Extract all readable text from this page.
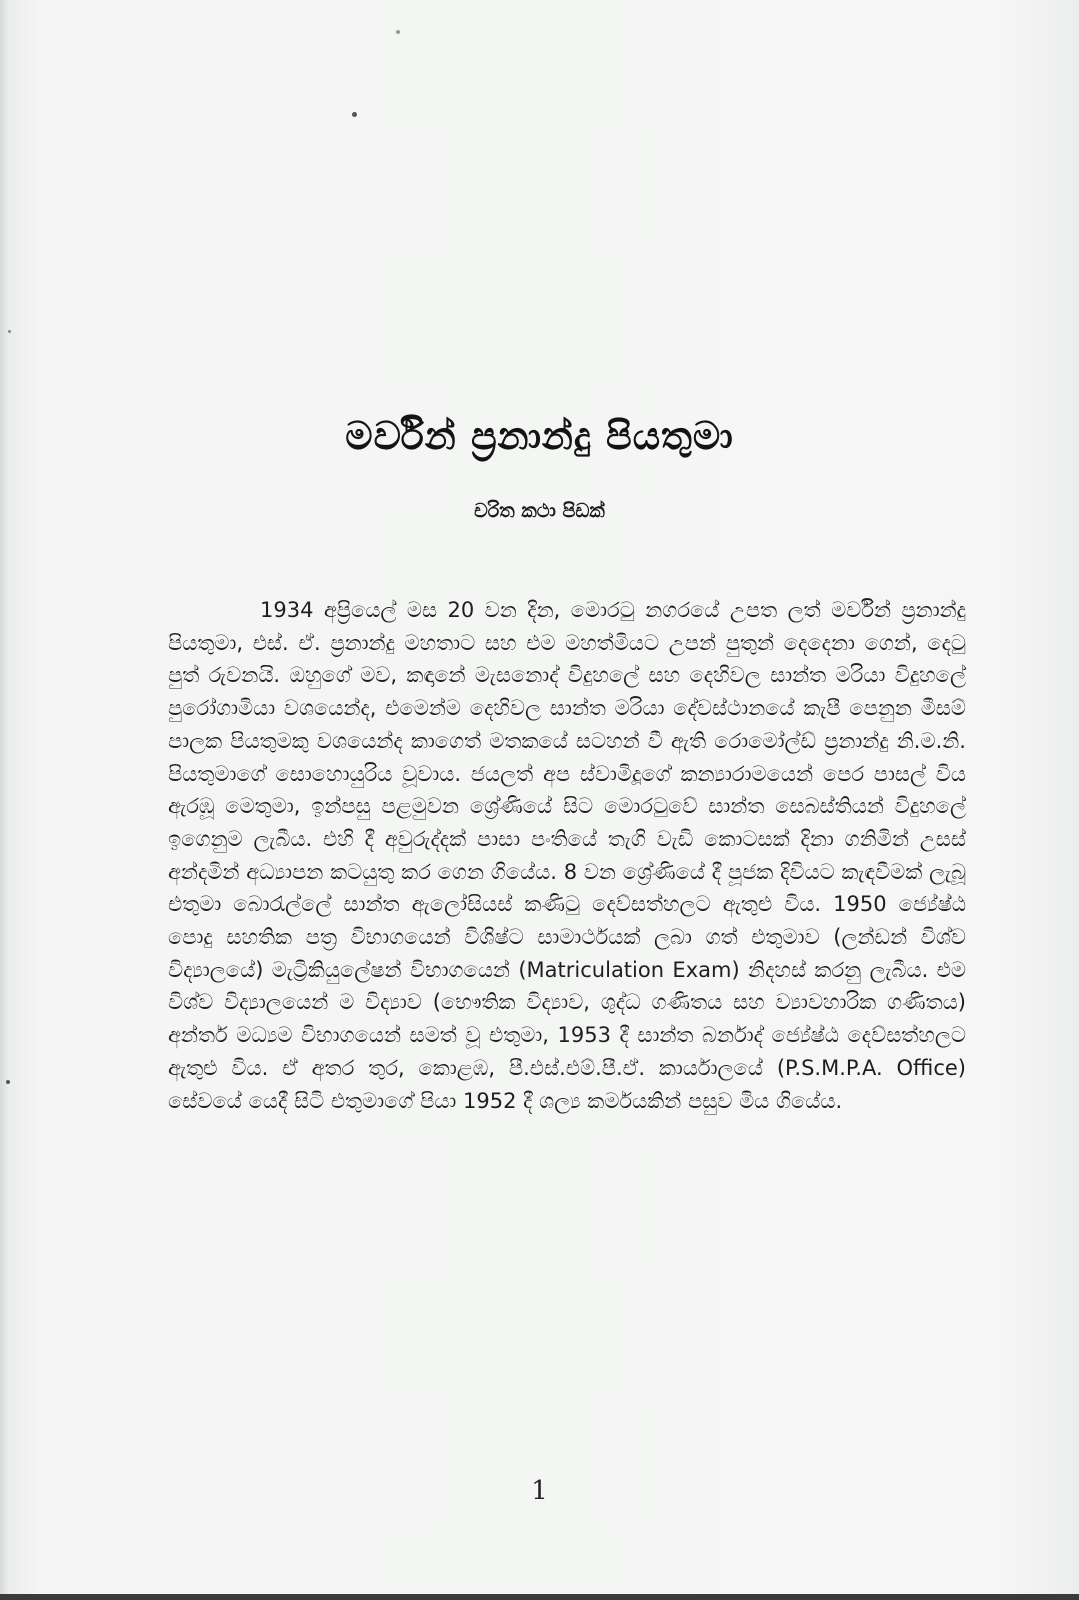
මර්වින් ප්‍රනාන්දු පියතුමා
චරිත කථා පිඩක්
1934 අප්‍රියෙල් මස 20 වන දින, මොරටු නගරයේ උපත ලත් මර්වින් ප්‍රනාන්දු පියතුමා, එස්. ඒ. ප්‍රනාන්දු මහතාට සහ එම මහත්මියට උපන් පුතුන් දෙදෙනා ගෙන්, දෙටු පුත් රුවනයි. ඔහුගේ මව, කඳානේ මැසනොද් විදුහලේ සහ දෙහිවල සාන්ත මරියා විදුහලේ පුරෝගාමියා වශයෙන්ද, එමෙන්ම දෙහිවල සාන්ත මරියා දේවස්ථානයේ කැපී පෙනුන මීසම් පාලක පියතුමකු වශයෙන්ද කාගෙත් මතකයේ සටහන් වී ඇති රොමෝල්ඩ් ප්‍රනාන්දු නි.ම.නි. පියතුමාගේ සොහොයුරිය වූවාය. ජයලත් අප ස්වාමිදූගේ කන්‍යාරාමයෙන් පෙර පාසල් විය ඇරඹූ මෙතුමා, ඉන්පසු පළමුවන ශ්‍රේණියේ සිට මොරටුවේ සාන්ත සෙබස්තියන් විදුහලේ ඉගෙනුම ලැබීය. එහි දී අවුරුද්දක් පාසා පංතියේ තැගි වැඩි කොටසක් දිනා ගනිමින් උසස් අන්දමින් අධ්‍යාපන කටයුතු කර ගෙන ගියේය. 8 වන ශ්‍රේණියේ දී පූජක දිවියට කැඳවීමක් ලැබූ එතුමා බොරැල්ලේ සාන්ත ඇලෝසියස් කණිටු දෙව්සත්හලට ඇතුළු විය. 1950 ජ්‍යේෂ්ඨ පොදු සහතික පත්‍ර විභාගයෙන් විශිෂ්ට සාමාර්ථයක් ලබා ගත් එතුමාව (ලන්ඩන් විශ්ව විද්‍යාලයේ) මැට්‍රිකියුලේෂන් විභාගයෙන් (Matriculation Exam) නිදහස් කරනු ලැබීය. එම විශ්ව විද්‍යාලයෙන් ම විද්‍යාව (භෞතික විද්‍යාව, ශුද්ධ ගණිතය සහ ව්‍යාවහාරික ගණිතය) අන්තර් මධ්‍යම විභාගයෙන් සමත් වූ එතුමා, 1953 දී සාන්ත බර්නාද් ජ්‍යේෂ්ඨ දෙව්සත්හලට ඇතුළු විය. ඒ අතර තුර, කොළඹ, පී.එස්.එම්.පී.ඒ. කාර්යාලයේ (P.S.M.P.A. Office) සේවයේ යෙදී සිටි එතුමාගේ පියා 1952 දී ශල්‍ය කර්මයකින් පසුව මිය ගියේය.
1
